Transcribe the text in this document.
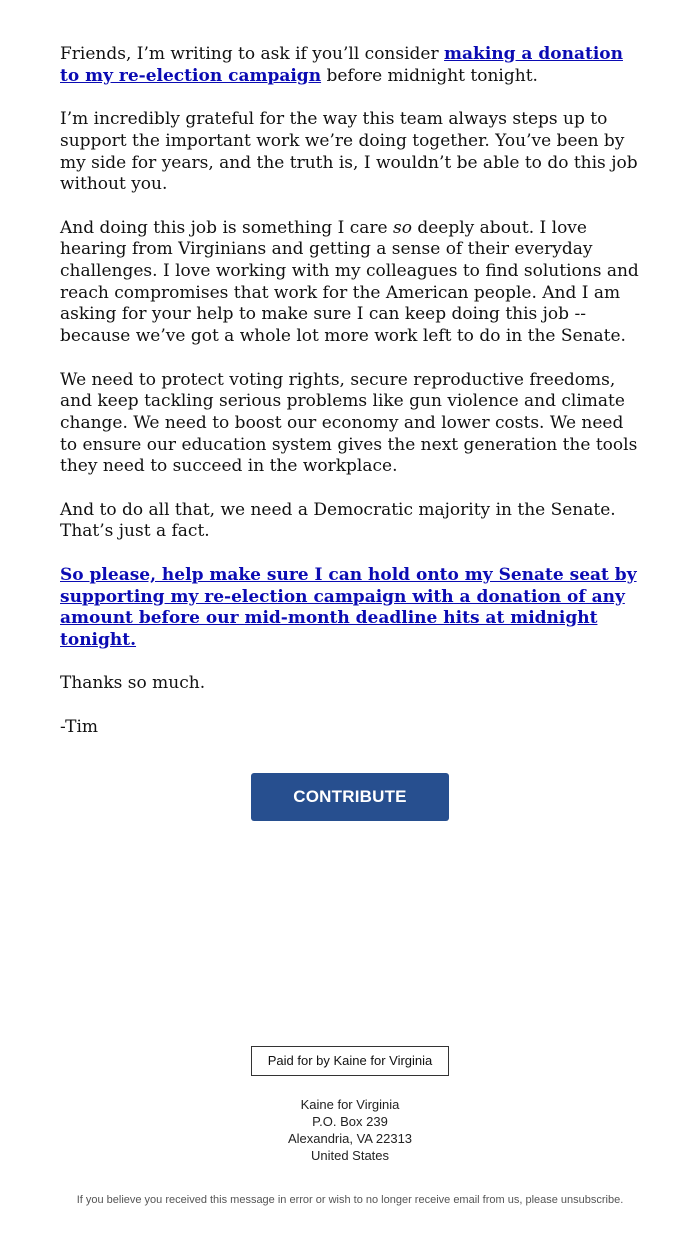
Friends, I’m writing to ask if you’ll consider making a donation to my re-election campaign before midnight tonight.

I’m incredibly grateful for the way this team always steps up to support the important work we’re doing together. You’ve been by my side for years, and the truth is, I wouldn’t be able to do this job without you.

And doing this job is something I care so deeply about. I love hearing from Virginians and getting a sense of their everyday challenges. I love working with my colleagues to find solutions and reach compromises that work for the American people. And I am asking for your help to make sure I can keep doing this job -- because we’ve got a whole lot more work left to do in the Senate.

We need to protect voting rights, secure reproductive freedoms, and keep tackling serious problems like gun violence and climate change. We need to boost our economy and lower costs. We need to ensure our education system gives the next generation the tools they need to succeed in the workplace.

And to do all that, we need a Democratic majority in the Senate. That’s just a fact.

So please, help make sure I can hold onto my Senate seat by supporting my re-election campaign with a donation of any amount before our mid-month deadline hits at midnight tonight.

Thanks so much.

-Tim

CONTRIBUTE
Paid for by Kaine for Virginia
Kaine for Virginia
P.O. Box 239
Alexandria, VA 22313
United States
If you believe you received this message in error or wish to no longer receive email from us, please unsubscribe.
